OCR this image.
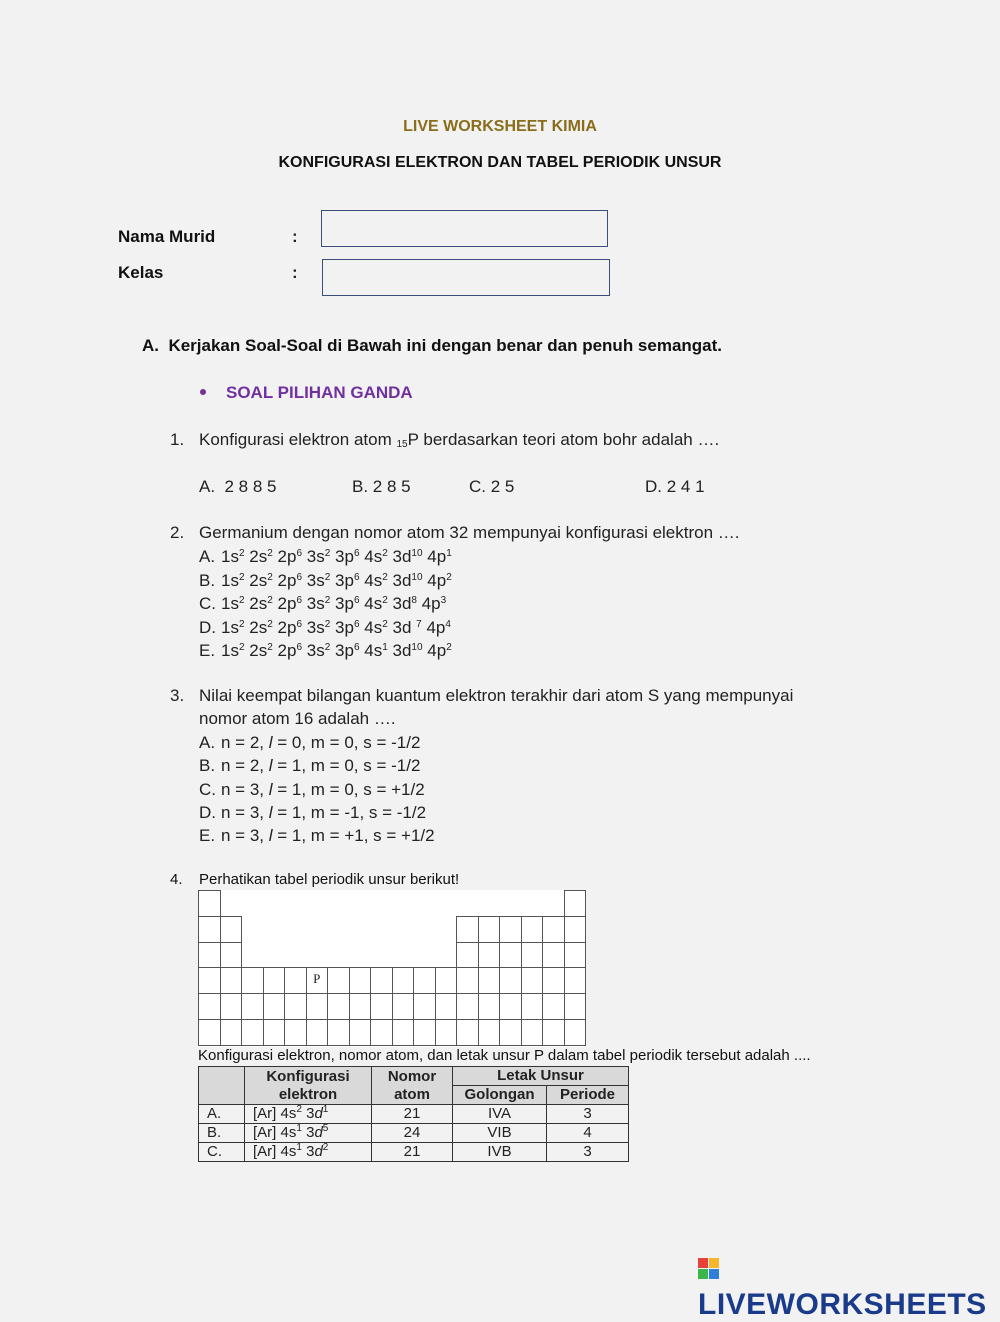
LIVE WORKSHEET KIMIA
KONFIGURASI ELEKTRON DAN TABEL PERIODIK UNSUR
Nama Murid	:
Kelas	:
A.  Kerjakan Soal-Soal di Bawah ini dengan benar dan penuh semangat.
SOAL PILIHAN GANDA
1. Konfigurasi elektron atom $_{15}$P berdasarkan teori atom bohr adalah ….
A.  2 8 8 5	B. 2 8 5	C. 2 5	D. 2 4 1
2. Germanium dengan nomor atom 32 mempunyai konfigurasi elektron ….
A. $1s^2$ $2s^2$ $2p^6$ $3s^2$ $3p^6$ $4s^2$ $3d^{10}$ $4p^1$
B. $1s^2$ $2s^2$ $2p^6$ $3s^2$ $3p^6$ $4s^2$ $3d^{10}$ $4p^2$
C. $1s^2$ $2s^2$ $2p^6$ $3s^2$ $3p^6$ $4s^2$ $3d^8$ $4p^3$
D. $1s^2$ $2s^2$ $2p^6$ $3s^2$ $3p^6$ $4s^2$ 3d $^7$ $4p^4$
E. $1s^2$ $2s^2$ $2p^6$ $3s^2$ $3p^6$ $4s^1$ $3d^{10}$ $4p^2$
3. Nilai keempat bilangan kuantum elektron terakhir dari atom S yang mempunyai
nomor atom 16 adalah ….
A. n = 2, l = 0, m = 0, s = -1/2
B. n = 2, l = 1, m = 0, s = -1/2
C. n = 3, l = 1, m = 0, s = +1/2
D. n = 3, l = 1, m = -1, s = -1/2
E. n = 3, l = 1, m = +1, s = +1/2
4. Perhatikan tabel periodik unsur berikut!
P
Konfigurasi elektron, nomor atom, dan letak unsur P dalam tabel periodik tersebut adalah ....
	Konfigurasi elektron	Nomor atom	Letak Unsur	
			Golongan	Periode
A.	[Ar] $4s^2$ $3d^1$	21	IVA	3
B.	[Ar] $4s^1$ $3d^5$	24	VIB	4
C.	[Ar] $4s^1$ $3d^2$	21	IVB	3
LIVEWORKSHEETS
